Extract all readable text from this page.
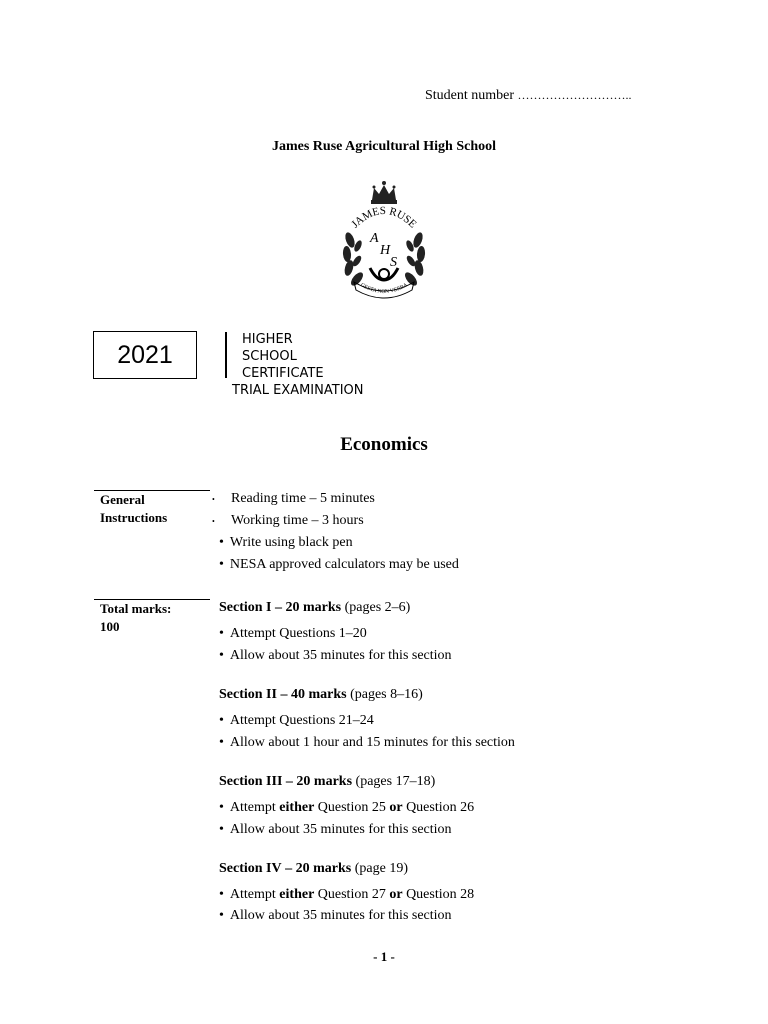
Student number ………………………..
James Ruse Agricultural High School
JAMES RUSE
A
H
S
GESTA NON VERBA
2021
HIGHER
SCHOOL
CERTIFICATE
TRIAL EXAMINATION
Economics
General
Instructions
• Reading time – 5 minutes
• Working time – 3 hours
• Write using black pen
• NESA approved calculators may be used
Total marks:
100
Section I – 20 marks (pages 2–6)
• Attempt Questions 1–20
• Allow about 35 minutes for this section
Section II – 40 marks (pages 8–16)
• Attempt Questions 21–24
• Allow about 1 hour and 15 minutes for this section
Section III – 20 marks (pages 17–18)
• Attempt either Question 25 or Question 26
• Allow about 35 minutes for this section
Section IV – 20 marks (page 19)
• Attempt either Question 27 or Question 28
• Allow about 35 minutes for this section
- 1 -
